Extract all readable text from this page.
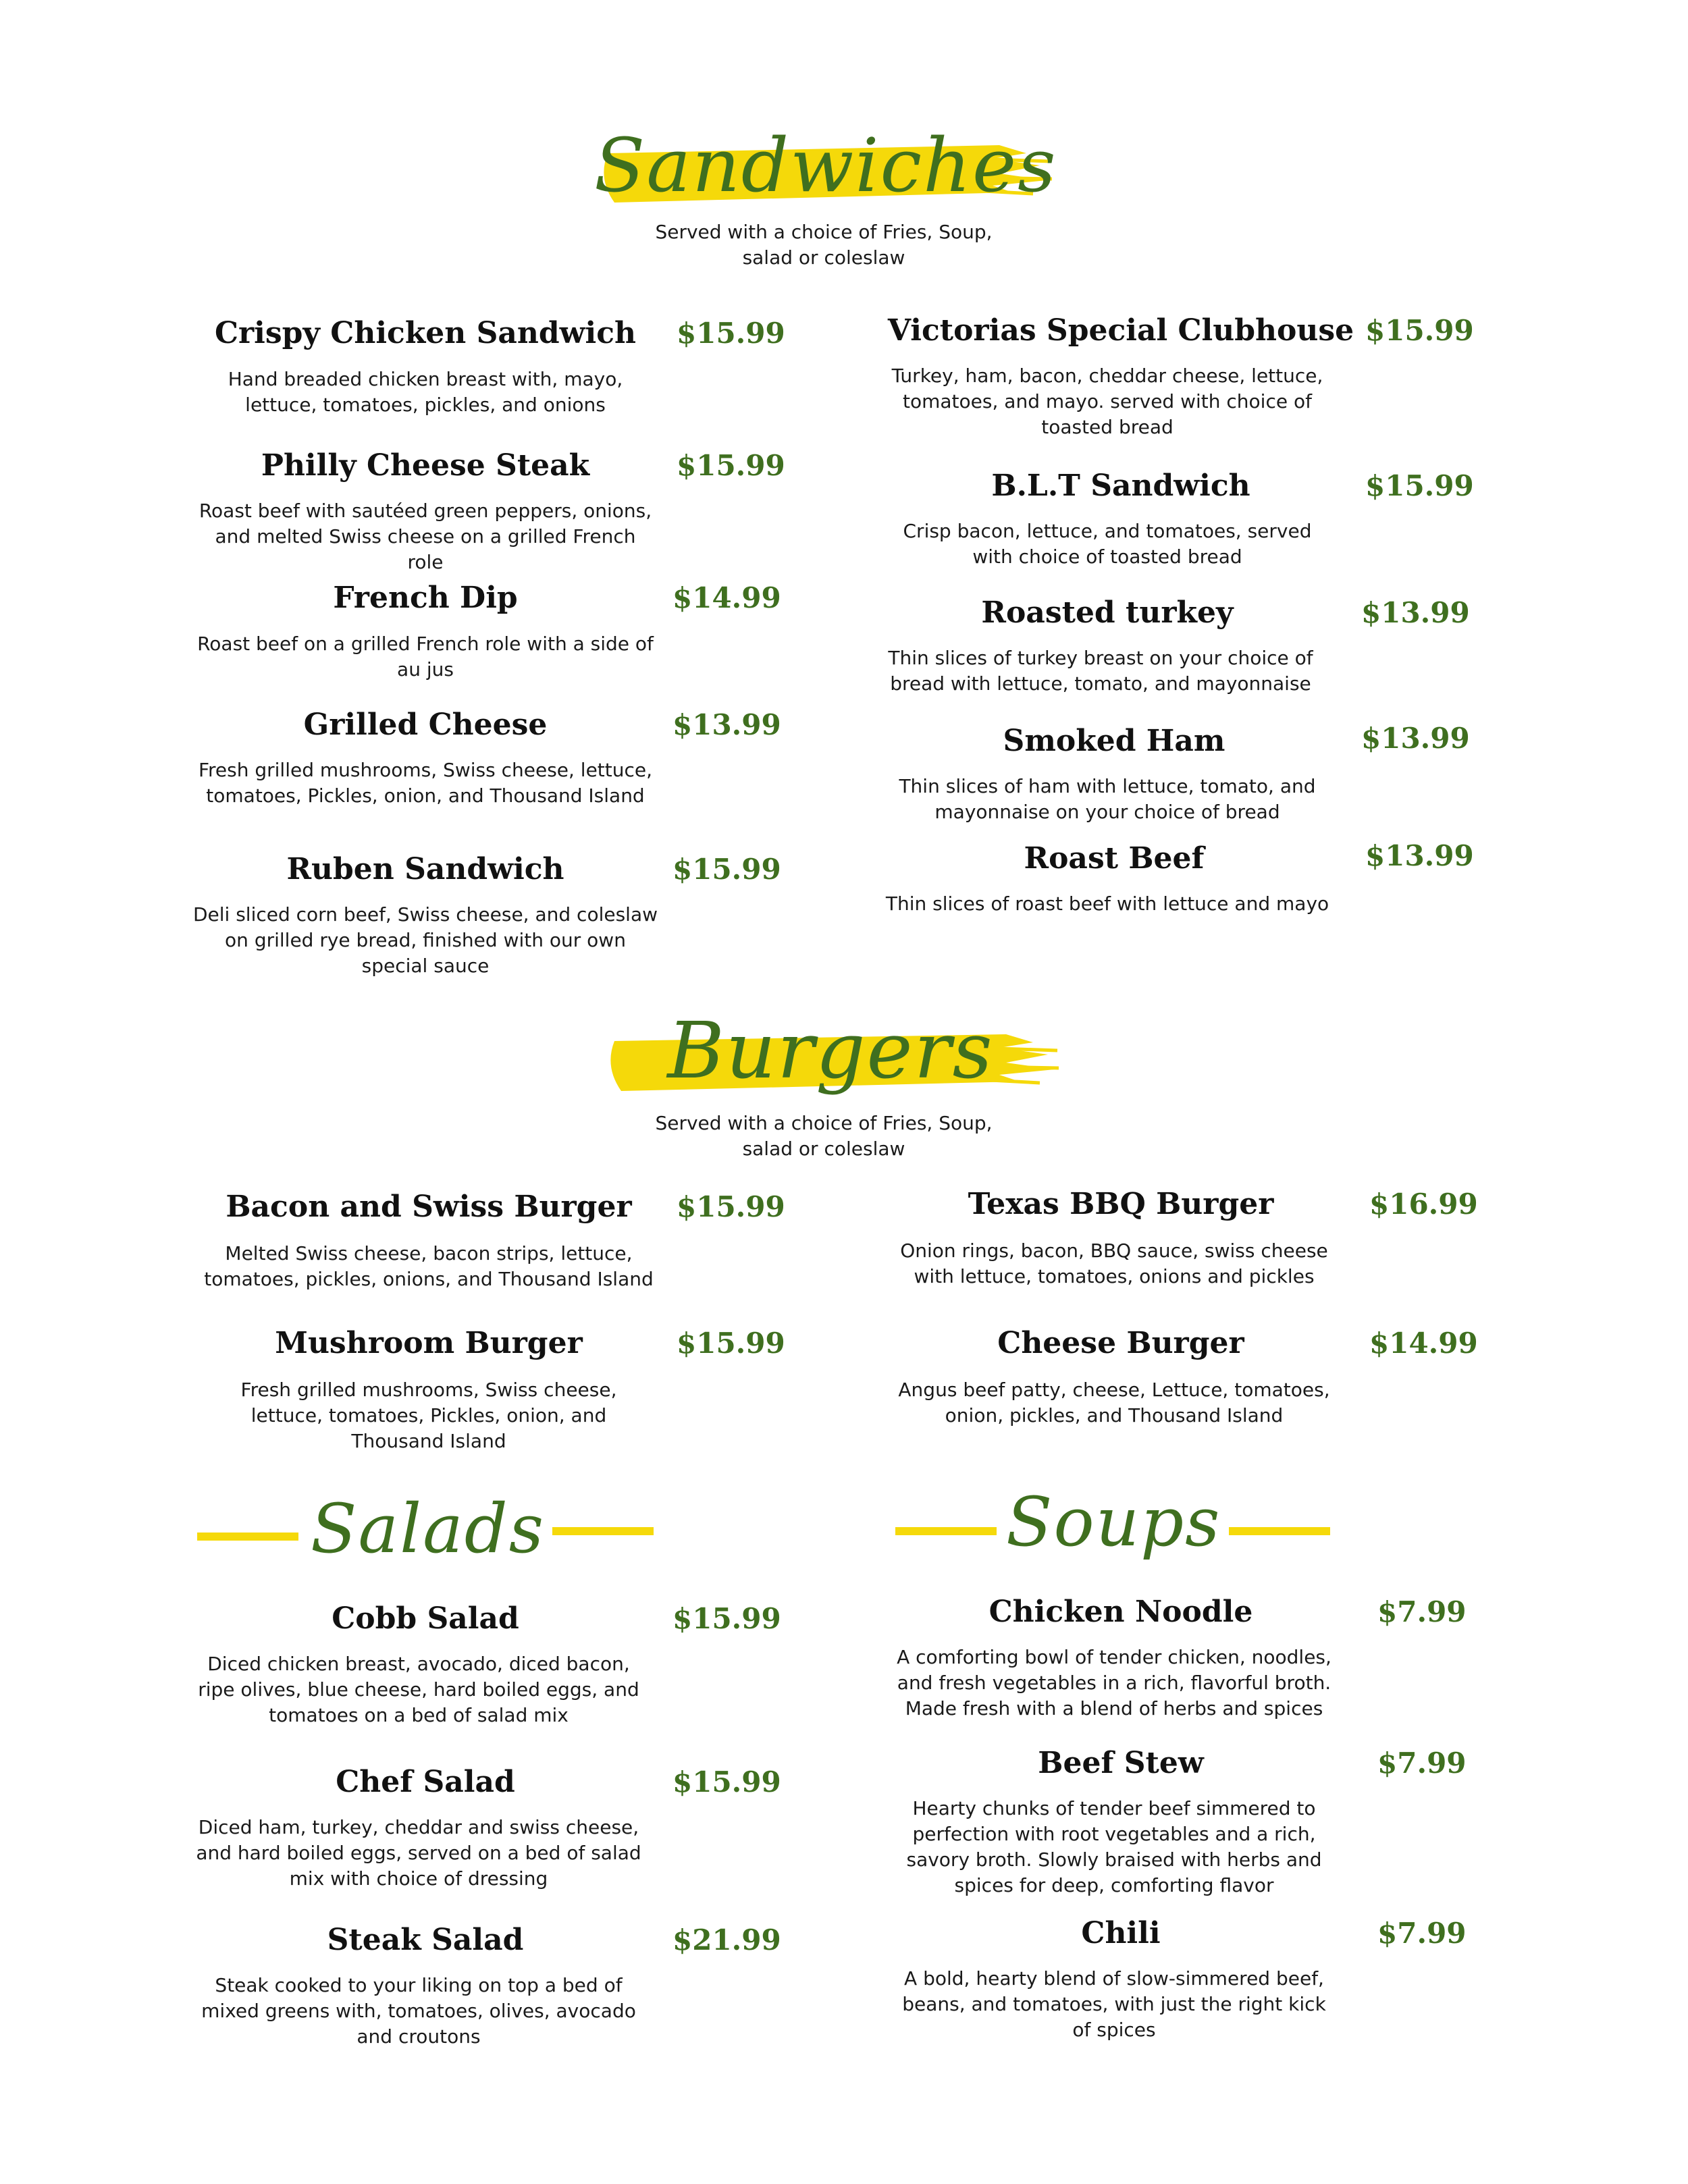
Sandwiches
Served with a choice of Fries, Soup, salad or coleslaw
Crispy Chicken Sandwich	$15.99
Hand breaded chicken breast with, mayo, lettuce, tomatoes, pickles, and onions
Philly Cheese Steak	$15.99
Roast beef with sautéed green peppers, onions, and melted Swiss cheese on a grilled French role
French Dip	$14.99
Roast beef on a grilled French role with a side of au jus
Grilled Cheese	$13.99
Fresh grilled mushrooms, Swiss cheese, lettuce, tomatoes, Pickles, onion, and Thousand Island
Ruben Sandwich	$15.99
Deli sliced corn beef, Swiss cheese, and coleslaw on grilled rye bread, finished with our own special sauce
Victorias Special Clubhouse $15.99
Turkey, ham, bacon, cheddar cheese, lettuce, tomatoes, and mayo. served with choice of toasted bread
B.L.T Sandwich	$15.99
Crisp bacon, lettuce, and tomatoes, served with choice of toasted bread
Roasted turkey	$13.99
Thin slices of turkey breast on your choice of bread with lettuce, tomato, and mayonnaise
Smoked Ham	$13.99
Thin slices of ham with lettuce, tomato, and mayonnaise on your choice of bread
Roast Beef	$13.99
Thin slices of roast beef with lettuce and mayo
Burgers
Served with a choice of Fries, Soup, salad or coleslaw
Bacon and Swiss Burger	$15.99
Melted Swiss cheese, bacon strips, lettuce, tomatoes, pickles, onions, and Thousand Island
Mushroom Burger	$15.99
Fresh grilled mushrooms, Swiss cheese, lettuce, tomatoes, Pickles, onion, and Thousand Island
Texas BBQ Burger	$16.99
Onion rings, bacon, BBQ sauce, swiss cheese with lettuce, tomatoes, onions and pickles
Cheese Burger	$14.99
Angus beef patty, cheese, Lettuce, tomatoes, onion, pickles, and Thousand Island
Salads
Cobb Salad	$15.99
Diced chicken breast, avocado, diced bacon, ripe olives, blue cheese, hard boiled eggs, and tomatoes on a bed of salad mix
Chef Salad	$15.99
Diced ham, turkey, cheddar and swiss cheese, and hard boiled eggs, served on a bed of salad mix with choice of dressing
Steak Salad	$21.99
Steak cooked to your liking on top a bed of mixed greens with, tomatoes, olives, avocado and croutons
Soups
Chicken Noodle	$7.99
A comforting bowl of tender chicken, noodles, and fresh vegetables in a rich, flavorful broth. Made fresh with a blend of herbs and spices
Beef Stew	$7.99
Hearty chunks of tender beef simmered to perfection with root vegetables and a rich, savory broth. Slowly braised with herbs and spices for deep, comforting flavor
Chili	$7.99
A bold, hearty blend of slow-simmered beef, beans, and tomatoes, with just the right kick of spices
